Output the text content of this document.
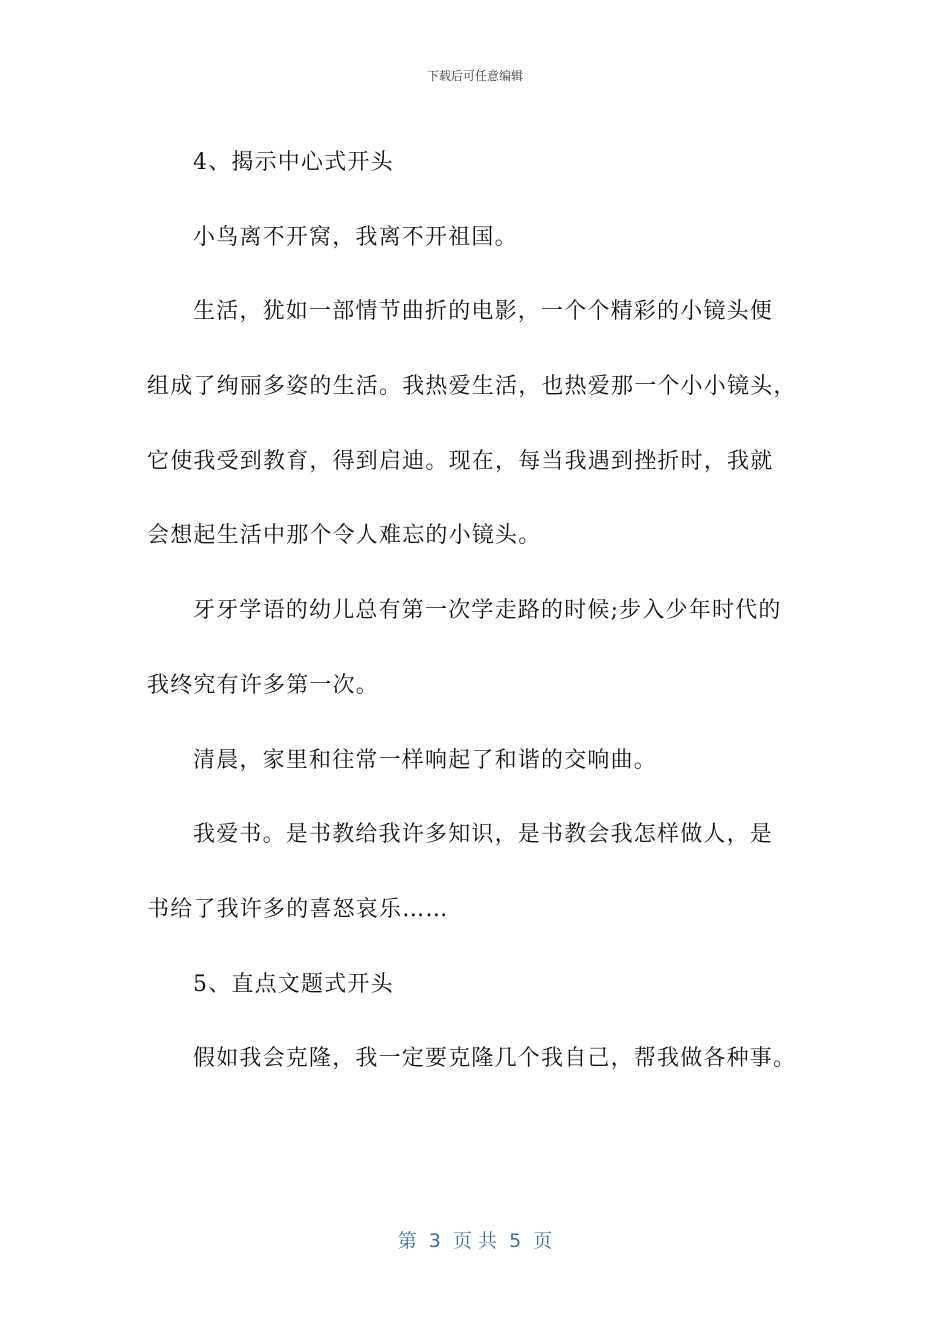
下载后可任意编辑
4、揭示中心式开头
小鸟离不开窝，我离不开祖国。
生活，犹如一部情节曲折的电影，一个个精彩的小镜头便
组成了绚丽多姿的生活。我热爱生活，也热爱那一个小小镜头，
它使我受到教育，得到启迪。现在，每当我遇到挫折时，我就
会想起生活中那个令人难忘的小镜头。
牙牙学语的幼儿总有第一次学走路的时候;步入少年时代的
我终究有许多第一次。
清晨，家里和往常一样响起了和谐的交响曲。
我爱书。是书教给我许多知识，是书教会我怎样做人，是
书给了我许多的喜怒哀乐……
5、直点文题式开头
假如我会克隆，我一定要克隆几个我自己，帮我做各种事。
第  3  页 共  5  页
